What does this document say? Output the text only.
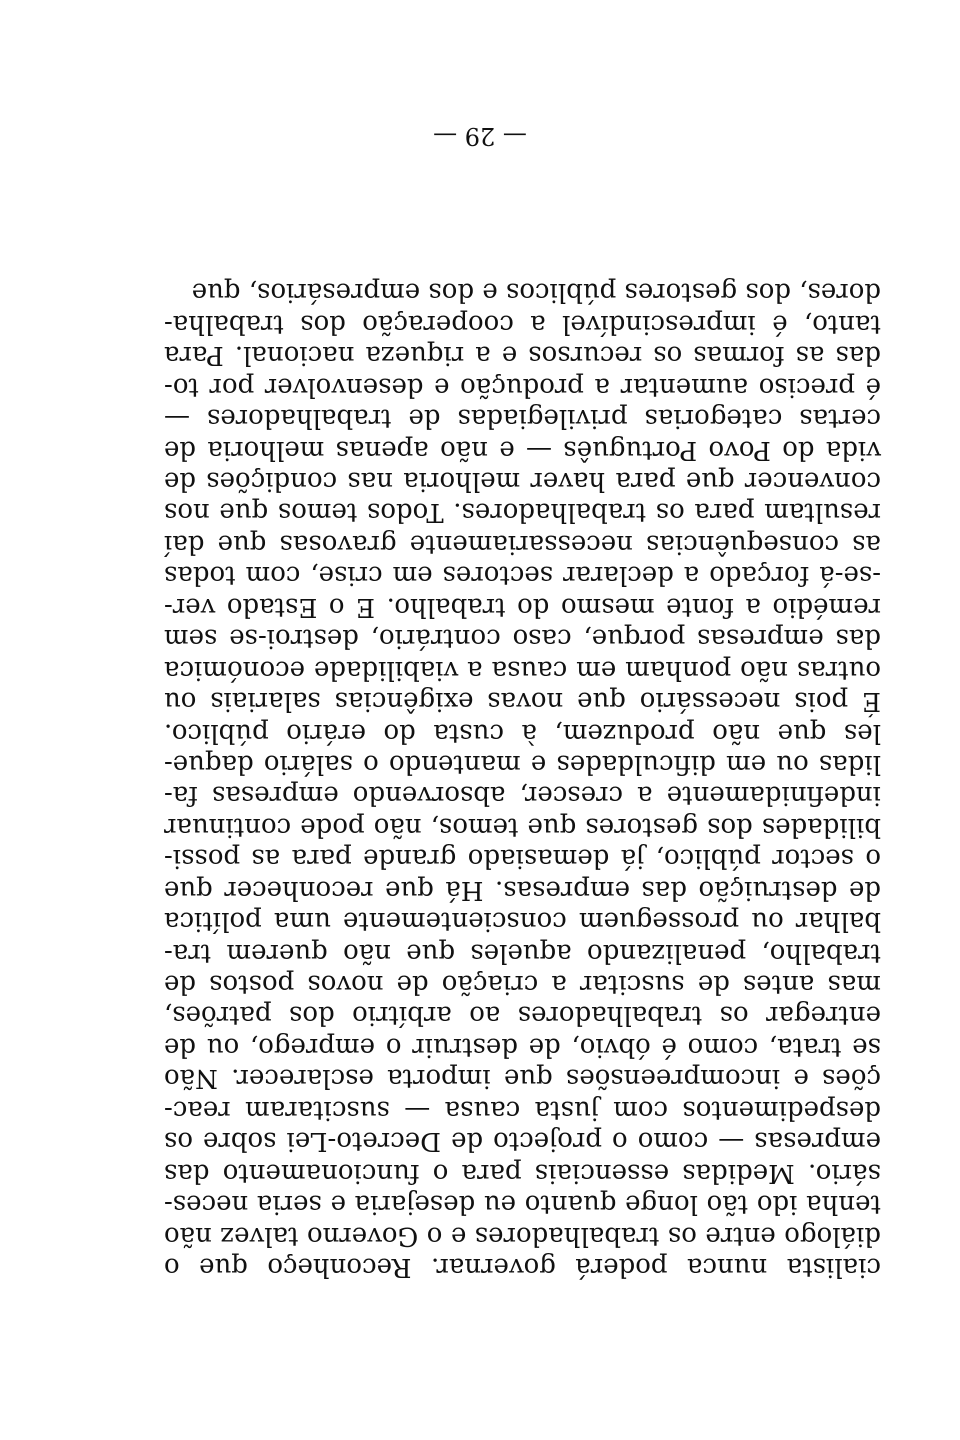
cialista nunca poderá governar. Reconheço que o
diálogo entre os trabalhadores e o Governo talvez não
tenha ido tão longe quanto eu desejaria e seria neces-
sário. Medidas essenciais para o funcionamento das
empresas — como o projecto de Decreto-Lei sobre os
despedimentos com justa causa — suscitaram reac-
ções e incompreensões que importa esclarecer. Não
se trata, como é óbvio, de destruir o emprego, ou de
entregar os trabalhadores ao arbítrio dos patrões,
mas antes de suscitar a criação de novos postos de
trabalho, penalizando aqueles que não querem tra-
balhar ou prosseguem conscientemente uma política
de destruição das empresas. Há que reconhecer que
o sector público, já demasiado grande para as possi-
bilidades dos gestores que temos, não pode continuar
indefinidamente a crescer, absorvendo empresas fa-
lidas ou em dificuldades e mantendo o salário daque-
les que não produzem, à custa do erário público.
É pois necessário que novas exigências salariais ou
outras não ponham em causa a viabilidade económica
das empresas porque, caso contrário, destroi-se sem
remédio a fonte mesmo do trabalho. E o Estado ver-
-se-á forçado a declarar sectores em crise, com todas
as consequências necessariamente gravosas que daí
resultam para os trabalhadores. Todos temos que nos
convencer que para haver melhoria nas condições de
vida do Povo Português — e não apenas melhoria de
certas categorias privilegiadas de trabalhadores —
é preciso aumentar a produção e desenvolver por to-
das as formas os recursos e a riqueza nacional. Para
tanto, é imprescindível a cooperação dos trabalha-
dores, dos gestores públicos e dos empresários, que
— 29 —
